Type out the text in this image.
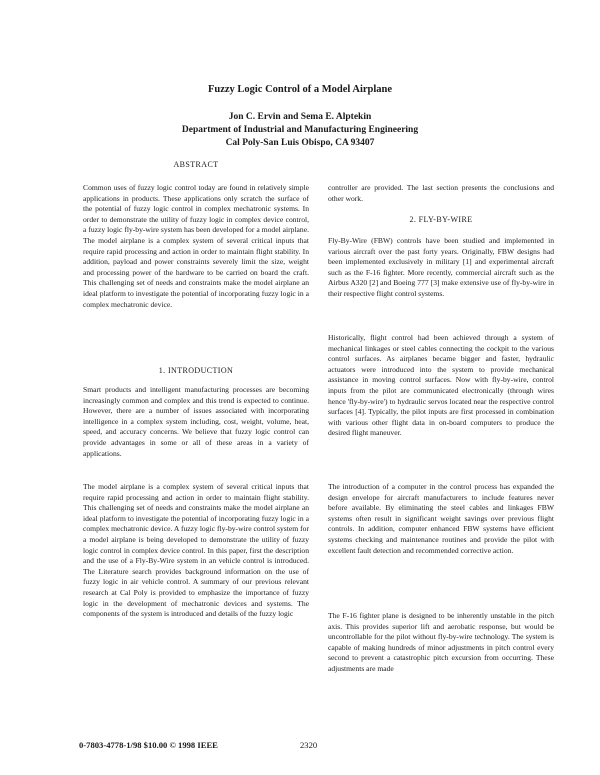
Fuzzy Logic Control of a Model Airplane
Jon C. Ervin and Sema E. Alptekin
Department of Industrial and Manufacturing Engineering
Cal Poly-San Luis Obispo, CA 93407
ABSTRACT
Common uses of fuzzy logic control today are found in relatively simple applications in products. These applications only scratch the surface of the potential of fuzzy logic control in complex mechatronic systems. In order to demonstrate the utility of fuzzy logic in complex device control, a fuzzy logic fly-by-wire system has been developed for a model airplane. The model airplane is a complex system of several critical inputs that require rapid processing and action in order to maintain flight stability. In addition, payload and power constraints severely limit the size, weight and processing power of the hardware to be carried on board the craft. This challenging set of needs and constraints make the model airplane an ideal platform to investigate the potential of incorporating fuzzy logic in a complex mechatronic device.
1. INTRODUCTION
Smart products and intelligent manufacturing processes are becoming increasingly common and complex and this trend is expected to continue. However, there are a number of issues associated with incorporating intelligence in a complex system including, cost, weight, volume, heat, speed, and accuracy concerns. We believe that fuzzy logic control can provide advantages in some or all of these areas in a variety of applications.
The model airplane is a complex system of several critical inputs that require rapid processing and action in order to maintain flight stability. This challenging set of needs and constraints make the model airplane an ideal platform to investigate the potential of incorporating fuzzy logic in a complex mechatronic device. A fuzzy logic fly-by-wire control system for a model airplane is being developed to demonstrate the utility of fuzzy logic control in complex device control. In this paper, first the description and the use of a Fly-By-Wire system in an vehicle control is introduced. The Literature search provides background information on the use of fuzzy logic in air vehicle control. A summary of our previous relevant research at Cal Poly is provided to emphasize the importance of fuzzy logic in the development of mechatronic devices and systems. The components of the system is introduced and details of the fuzzy logic
controller are provided. The last section presents the conclusions and other work.
2. FLY-BY-WIRE
Fly-By-Wire (FBW) controls have been studied and implemented in various aircraft over the past forty years. Originally, FBW designs had been implemented exclusively in military [1] and experimental aircraft such as the F-16 fighter. More recently, commercial aircraft such as the Airbus A320 [2] and Boeing 777 [3] make extensive use of fly-by-wire in their respective flight control systems.
Historically, flight control had been achieved through a system of mechanical linkages or steel cables connecting the cockpit to the various control surfaces. As airplanes became bigger and faster, hydraulic actuators were introduced into the system to provide mechanical assistance in moving control surfaces. Now with fly-by-wire, control inputs from the pilot are communicated electronically (through wires hence 'fly-by-wire') to hydraulic servos located near the respective control surfaces [4]. Typically, the pilot inputs are first processed in combination with various other flight data in on-board computers to produce the desired flight maneuver.
The introduction of a computer in the control process has expanded the design envelope for aircraft manufacturers to include features never before available. By eliminating the steel cables and linkages FBW systems often result in significant weight savings over previous flight controls. In addition, computer enhanced FBW systems have efficient systems checking and maintenance routines and provide the pilot with excellent fault detection and recommended corrective action.
The F-16 fighter plane is designed to be inherently unstable in the pitch axis. This provides superior lift and aerobatic response, but would be uncontrollable for the pilot without fly-by-wire technology. The system is capable of making hundreds of minor adjustments in pitch control every second to prevent a catastrophic pitch excursion from occurring. These adjustments are made
0-7803-4778-1/98 $10.00 © 1998 IEEE	2320
